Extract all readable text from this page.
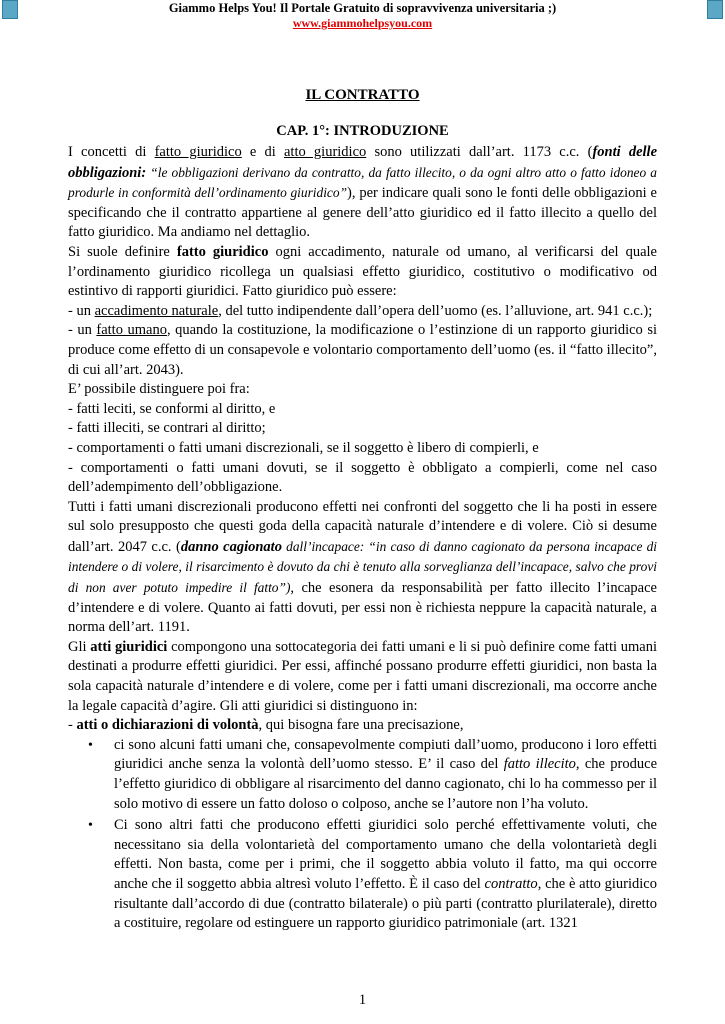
Giammo Helps You! Il Portale Gratuito di sopravvivenza universitaria ;)
www.giammohelpsyou.com
IL CONTRATTO
CAP. 1°: INTRODUZIONE

I concetti di fatto giuridico e di atto giuridico sono utilizzati dall’art. 1173 c.c. (fonti delle obbligazioni: “le obbligazioni derivano da contratto, da fatto illecito, o da ogni altro atto o fatto idoneo a produrle in conformità dell’ordinamento giuridico”), per indicare quali sono le fonti delle obbligazioni e specificando che il contratto appartiene al genere dell’atto giuridico ed il fatto illecito a quello del fatto giuridico. Ma andiamo nel dettaglio.

Si suole definire fatto giuridico ogni accadimento, naturale od umano, al verificarsi del quale l’ordinamento giuridico ricollega un qualsiasi effetto giuridico, costitutivo o modificativo od estintivo di rapporti giuridici. Fatto giuridico può essere:

- un accadimento naturale, del tutto indipendente dall’opera dell’uomo (es. l’alluvione, art. 941 c.c.);

- un fatto umano, quando la costituzione, la modificazione o l’estinzione di un rapporto giuridico si produce come effetto di un consapevole e volontario comportamento dell’uomo (es. il “fatto illecito”, di cui all’art. 2043).

E’ possibile distinguere poi fra:

- fatti leciti, se conformi al diritto, e

- fatti illeciti, se contrari al diritto;

- comportamenti o fatti umani discrezionali, se il soggetto è libero di compierli, e

- comportamenti o fatti umani dovuti, se il soggetto è obbligato a compierli, come nel caso dell’adempimento dell’obbligazione.

Tutti i fatti umani discrezionali producono effetti nei confronti del soggetto che li ha posti in essere sul solo presupposto che questi goda della capacità naturale d’intendere e di volere. Ciò si desume dall’art. 2047 c.c. (danno cagionato dall’incapace: “in caso di danno cagionato da persona incapace di intendere o di volere, il risarcimento è dovuto da chi è tenuto alla sorveglianza dell’incapace, salvo che provi di non aver potuto impedire il fatto”), che esonera da responsabilità per fatto illecito l’incapace d’intendere e di volere. Quanto ai fatti dovuti, per essi non è richiesta neppure la capacità naturale, a norma dell’art. 1191.

Gli atti giuridici compongono una sottocategoria dei fatti umani e li si può definire come fatti umani destinati a produrre effetti giuridici. Per essi, affinché possano produrre effetti giuridici, non basta la sola capacità naturale d’intendere e di volere, come per i fatti umani discrezionali, ma occorre anche la legale capacità d’agire. Gli atti giuridici si distinguono in:

- atti o dichiarazioni di volontà, qui bisogna fare una precisazione,

• ci sono alcuni fatti umani che, consapevolmente compiuti dall’uomo, producono i loro effetti giuridici anche senza la volontà dell’uomo stesso. E’ il caso del fatto illecito, che produce l’effetto giuridico di obbligare al risarcimento del danno cagionato, chi lo ha commesso per il solo motivo di essere un fatto doloso o colposo, anche se l’autore non l’ha voluto.
• Ci sono altri fatti che producono effetti giuridici solo perché effettivamente voluti, che necessitano sia della volontarietà del comportamento umano che della volontarietà degli effetti. Non basta, come per i primi, che il soggetto abbia voluto il fatto, ma qui occorre anche che il soggetto abbia altresì voluto l’effetto. È il caso del contratto, che è atto giuridico risultante dall’accordo di due (contratto bilaterale) o più parti (contratto plurilaterale), diretto a costituire, regolare od estinguere un rapporto giuridico patrimoniale (art. 1321
1
